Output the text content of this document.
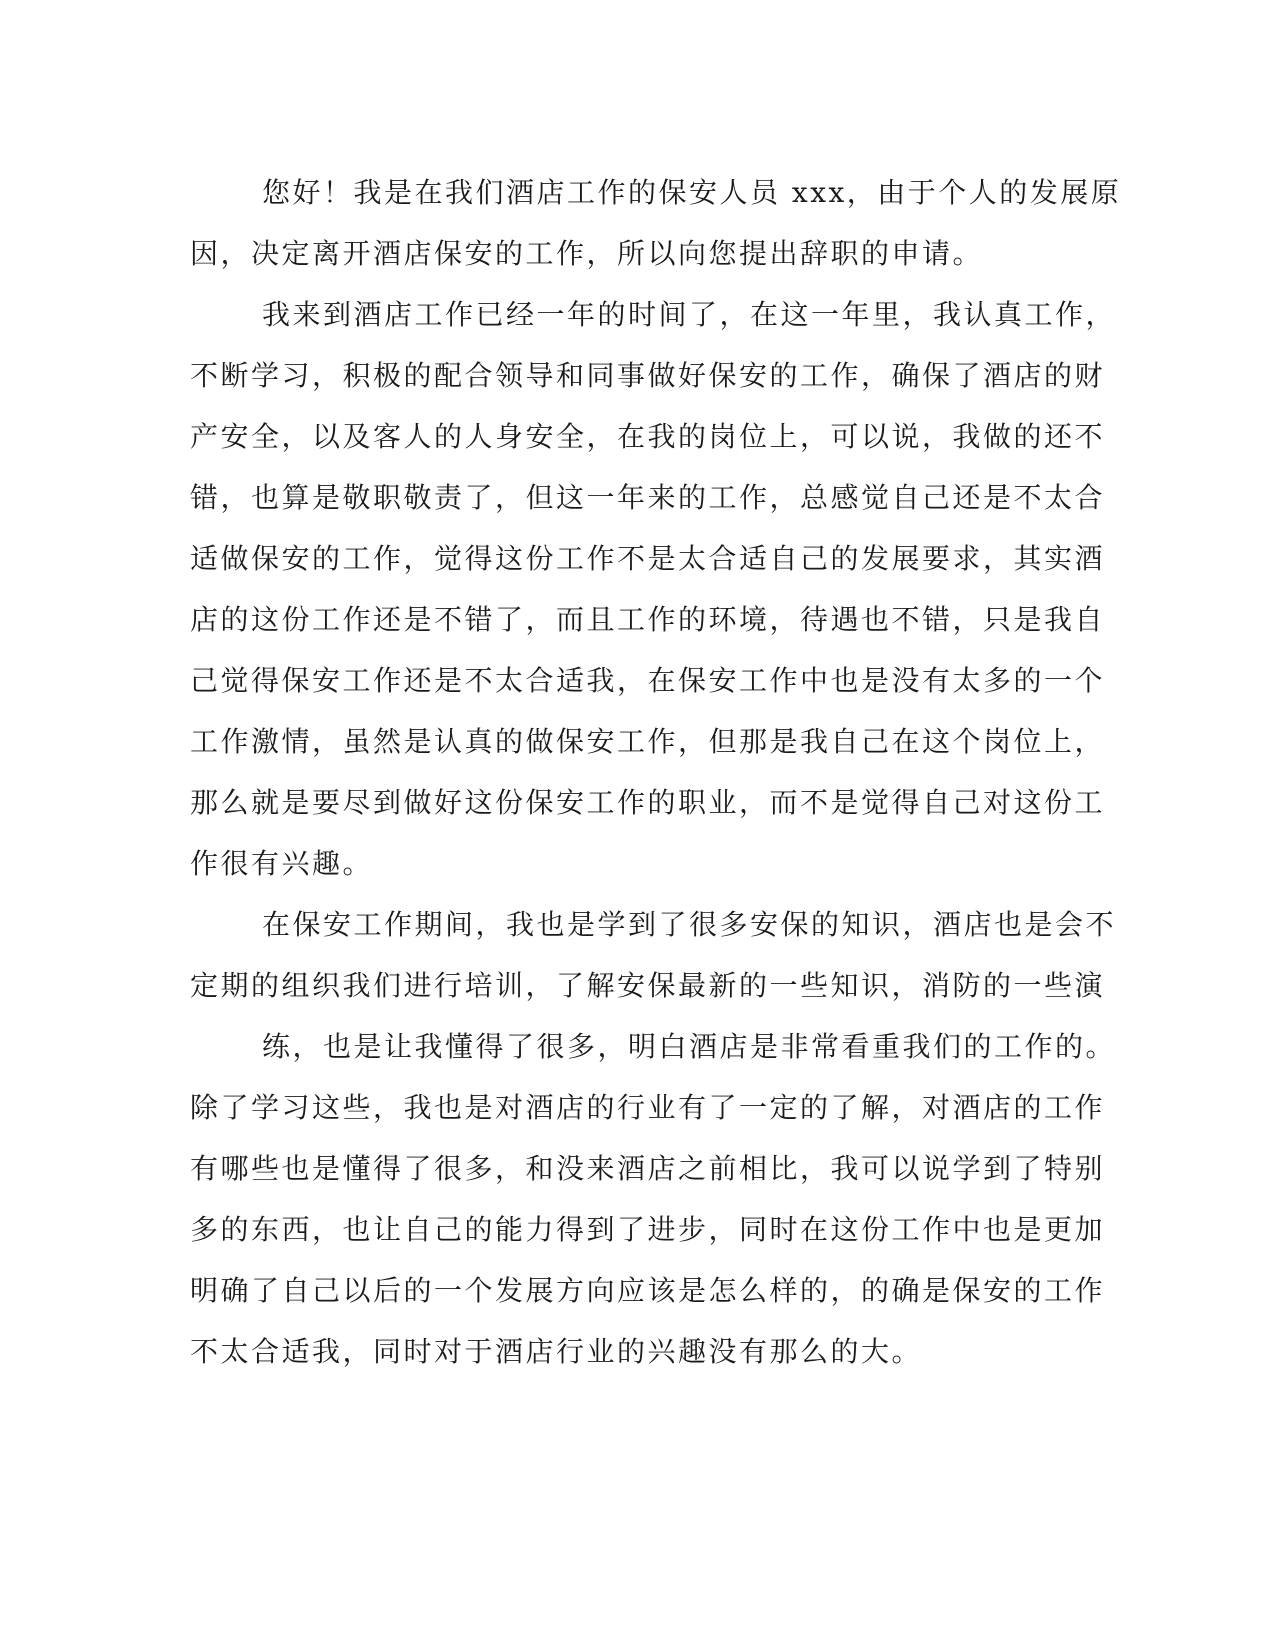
您好！我是在我们酒店工作的保安人员 xxx，由于个人的发展原
因，决定离开酒店保安的工作，所以向您提出辞职的申请。
我来到酒店工作已经一年的时间了，在这一年里，我认真工作，
不断学习，积极的配合领导和同事做好保安的工作，确保了酒店的财
产安全，以及客人的人身安全，在我的岗位上，可以说，我做的还不
错，也算是敬职敬责了，但这一年来的工作，总感觉自己还是不太合
适做保安的工作，觉得这份工作不是太合适自己的发展要求，其实酒
店的这份工作还是不错了，而且工作的环境，待遇也不错，只是我自
己觉得保安工作还是不太合适我，在保安工作中也是没有太多的一个
工作激情，虽然是认真的做保安工作，但那是我自己在这个岗位上，
那么就是要尽到做好这份保安工作的职业，而不是觉得自己对这份工
作很有兴趣。
在保安工作期间，我也是学到了很多安保的知识，酒店也是会不
定期的组织我们进行培训，了解安保最新的一些知识，消防的一些演
练，也是让我懂得了很多，明白酒店是非常看重我们的工作的。
除了学习这些，我也是对酒店的行业有了一定的了解，对酒店的工作
有哪些也是懂得了很多，和没来酒店之前相比，我可以说学到了特别
多的东西，也让自己的能力得到了进步，同时在这份工作中也是更加
明确了自己以后的一个发展方向应该是怎么样的，的确是保安的工作
不太合适我，同时对于酒店行业的兴趣没有那么的大。
